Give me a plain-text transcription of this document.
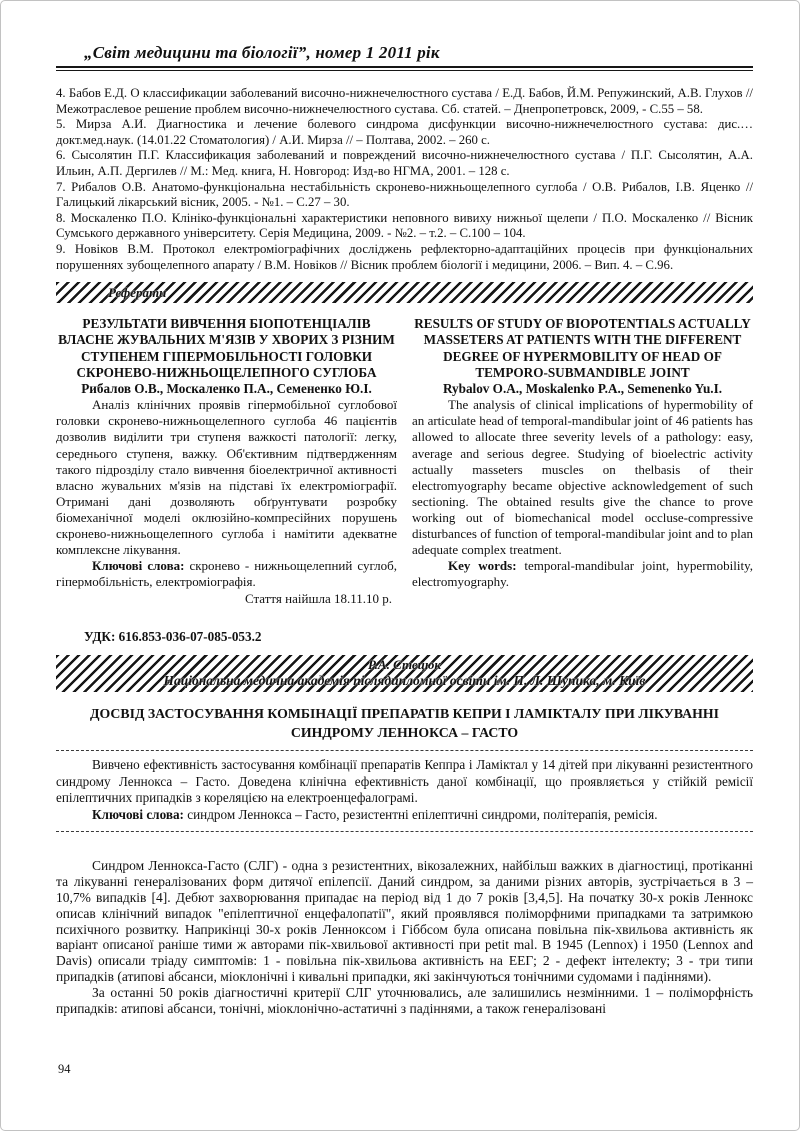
„Світ медицини та біології”, номер 1 2011 рік

4. Бабов Е.Д. О классификации заболеваний височно-нижнечелюстного сустава / Е.Д. Бабов, Й.М. Репужинский, А.В. Глухов // Межотраслевое решение проблем височно-нижнечелюстного сустава. Сб. статей. – Днепропетровск, 2009, - С.55 – 58.

5. Мирза А.И. Диагностика и лечение болевого синдрома дисфункции височно-нижнечелюстного сустава: дис.…докт.мед.наук. (14.01.22 Стоматология) / А.И. Мирза // – Полтава, 2002. – 260 с.

6. Сысолятин П.Г. Классификация заболеваний и повреждений височно-нижнечелюстного сустава / П.Г. Сысолятин, А.А. Ильин, А.П. Дергилев // М.: Мед. книга, Н. Новгород: Изд-во НГМА, 2001. – 128 с.

7. Рибалов О.В. Анатомо-функціональна нестабільність скронево-нижньощелепного суглоба / О.В. Рибалов, І.В. Яценко // Галицький лікарський вісник, 2005. - №1. – С.27 – 30.

8. Москаленко П.О. Клініко-функціональні характеристики неповного вивиху нижньої щелепи / П.О. Москаленко // Вісник Сумського державного університету. Серія Медицина, 2009. - №2. – т.2. – С.100 – 104.

9. Новіков В.М. Протокол електроміографічних досліджень рефлекторно-адаптаційних процесів при функціональних порушеннях зубощелепного апарату / В.М. Новіков // Вісник проблем біології і медицини, 2006. – Вип. 4. – С.96.

Реферати
РЕЗУЛЬТАТИ ВИВЧЕННЯ БІОПОТЕНЦІАЛІВ ВЛАСНЕ ЖУВАЛЬНИХ М'ЯЗІВ У ХВОРИХ З РІЗНИМ СТУПЕНЕМ ГІПЕРМОБІЛЬНОСТІ ГОЛОВКИ СКРОНЕВО-НИЖНЬОЩЕЛЕПНОГО СУГЛОБА
Рибалов О.В., Москаленко П.А., Семененко Ю.І.

Аналіз клінічних проявів гіпермобільної суглобової головки скронево-нижньощелепного суглоба 46 пацієнтів дозволив виділити три ступеня важкості патології: легку, середнього ступеня, важку. Об'єктивним підтвердженням такого підрозділу стало вивчення біоелектричної активності власно жувальних м'язів на підставі їх електроміографії. Отримані дані дозволяють обґрунтувати розробку біомеханічної моделі оклюзійно-компресійних порушень скронево-нижньощелепного суглоба і намітити адекватне комплексне лікування.

Ключові слова: скронево - нижньощелепний суглоб, гіпермобільність, електроміографія.

Стаття наійшла 18.11.10 р.
RESULTS OF STUDY OF BIOPOTENTIALS ACTUALLY MASSETERS AT PATIENTS WITH THE DIFFERENT DEGREE OF HYPERMOBILITY OF HEAD OF TEMPORO-SUBMANDIBLE JOINT
Rybalov O.A., Moskalenko P.A., Semenenko Yu.I.

The analysis of clinical implications of hypermobility of an articulate head of temporal-mandibular joint of 46 patients has allowed to allocate three severity levels of a pathology: easy, average and serious degree. Studying of bioelectric activity actually masseters muscles on thelbasis of their electromyography became objective acknowledgement of such sectioning. The obtained results give the chance to prove working out of biomechanical model occluse-compressive disturbances of function of temporal-mandibular joint and to plan adequate complex treatment.

Key words: temporal-mandibular joint, hypermobility, electromyography.

УДК: 616.853-036-07-085-053.2
Р.А. Стецюк
Національна медична академія післядипломної освіти ім. П. Л. Шупика, м. Київ
ДОСВІД ЗАСТОСУВАННЯ КОМБІНАЦІЇ ПРЕПАРАТІВ КЕПРИ І ЛАМІКТАЛУ ПРИ ЛІКУВАННІ СИНДРОМУ ЛЕННОКСА – ГАСТО

Вивчено ефективність застосування комбінації препаратів Кеппра і Ламіктал у 14 дітей при лікуванні резистентного синдрому Леннокса – Гасто. Доведена клінічна ефективність даної комбінації, що проявляється у стійкій ремісії епілептичних припадків з кореляцією на електроенцефалограмі.

Ключові слова: синдром Леннокса – Гасто, резистентні епілептичні синдроми, політерапія, ремісія.

Синдром Леннокса-Гасто (СЛГ) - одна з резистентних, вікозалежних, найбільш важких в діагностиці, протіканні та лікуванні генералізованих форм дитячої епілепсії. Даний синдром, за даними різних авторів, зустрічається в 3 – 10,7% випадків [4]. Дебют захворювання припадає на період від 1 до 7 років [3,4,5]. На початку 30-х років Леннокс описав клінічний випадок "епілептичної енцефалопатії", який проявлявся поліморфними припадками та затримкою психічного розвитку. Наприкінці 30-х років Ленноксом і Гіббсом була описана повільна пік-хвильова активність як варіант описаної раніше тими ж авторами пік-хвильової активності при petit mal. В 1945 (Lennox) і 1950 (Lennox and Davis) описали тріаду симптомів: 1 - повільна пік-хвильова активність на ЕЕГ; 2 - дефект інтелекту; 3 - три типи припадків (атипові абсанси, міоклонічні і кивальні припадки, які закінчуються тонічними судомами і падіннями).

За останні 50 років діагностичні критерії СЛГ уточнювались, але залишились незмінними. 1 – поліморфність припадків: атипові абсанси, тонічні, міоклонічно-астатичні з падіннями, а також генералізовані

94
